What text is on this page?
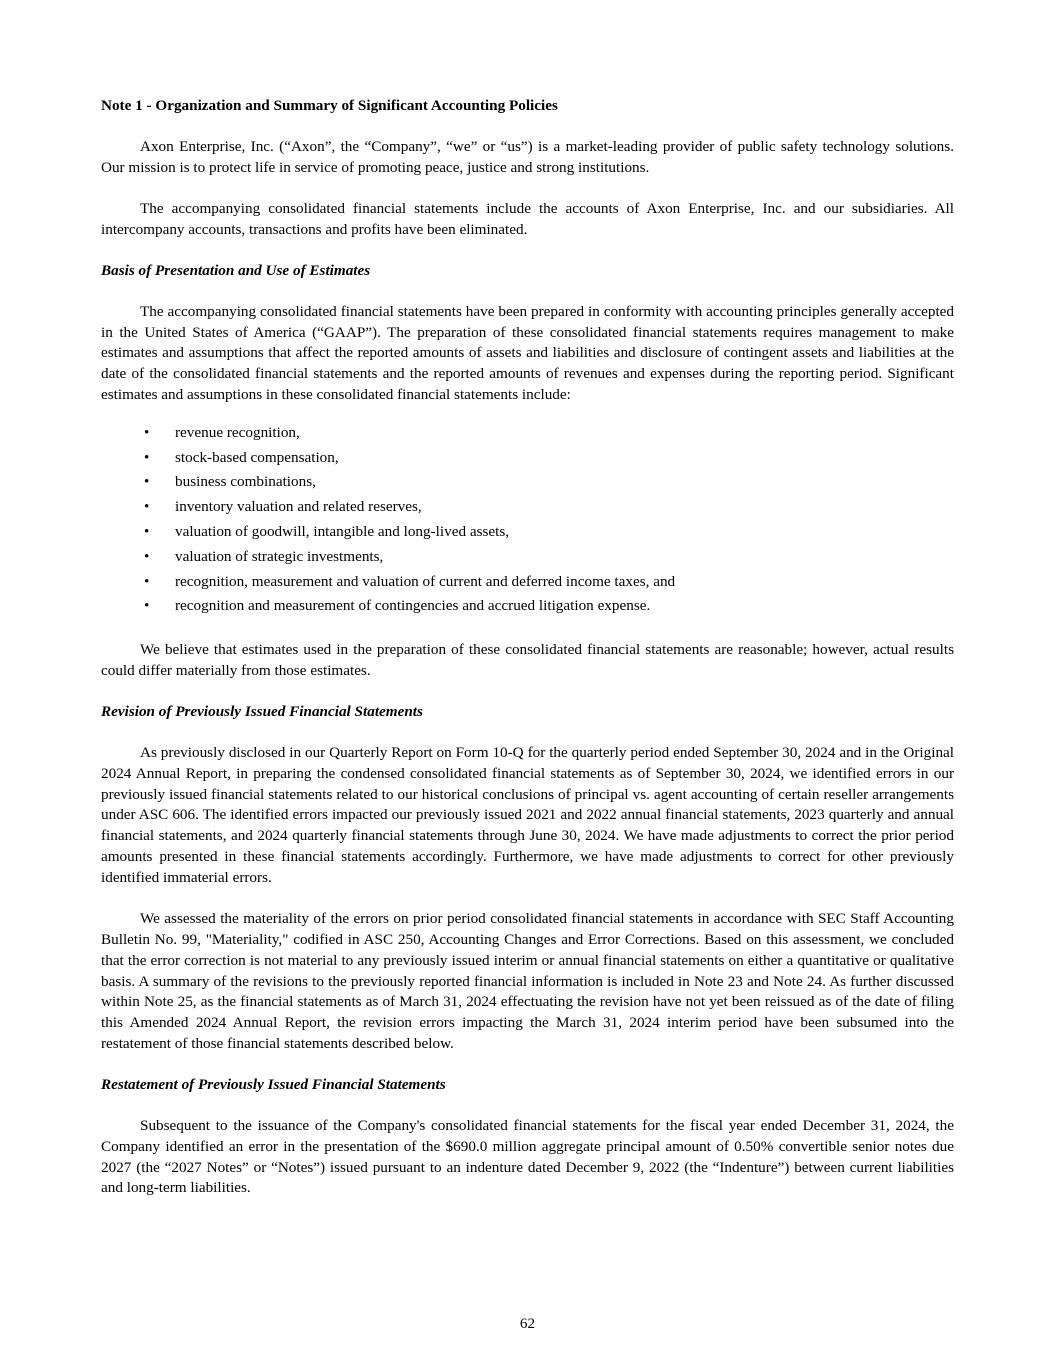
Note 1 - Organization and Summary of Significant Accounting Policies

Axon Enterprise, Inc. (“Axon”, the “Company”, “we” or “us”) is a market-leading provider of public safety technology solutions. Our mission is to protect life in service of promoting peace, justice and strong institutions.

The accompanying consolidated financial statements include the accounts of Axon Enterprise, Inc. and our subsidiaries. All intercompany accounts, transactions and profits have been eliminated.

Basis of Presentation and Use of Estimates

The accompanying consolidated financial statements have been prepared in conformity with accounting principles generally accepted in the United States of America (“GAAP”). The preparation of these consolidated financial statements requires management to make estimates and assumptions that affect the reported amounts of assets and liabilities and disclosure of contingent assets and liabilities at the date of the consolidated financial statements and the reported amounts of revenues and expenses during the reporting period. Significant estimates and assumptions in these consolidated financial statements include:

• revenue recognition,
• stock-based compensation,
• business combinations,
• inventory valuation and related reserves,
• valuation of goodwill, intangible and long-lived assets,
• valuation of strategic investments,
• recognition, measurement and valuation of current and deferred income taxes, and
• recognition and measurement of contingencies and accrued litigation expense.

We believe that estimates used in the preparation of these consolidated financial statements are reasonable; however, actual results could differ materially from those estimates.

Revision of Previously Issued Financial Statements

As previously disclosed in our Quarterly Report on Form 10-Q for the quarterly period ended September 30, 2024 and in the Original 2024 Annual Report, in preparing the condensed consolidated financial statements as of September 30, 2024, we identified errors in our previously issued financial statements related to our historical conclusions of principal vs. agent accounting of certain reseller arrangements under ASC 606. The identified errors impacted our previously issued 2021 and 2022 annual financial statements, 2023 quarterly and annual financial statements, and 2024 quarterly financial statements through June 30, 2024. We have made adjustments to correct the prior period amounts presented in these financial statements accordingly. Furthermore, we have made adjustments to correct for other previously identified immaterial errors.

We assessed the materiality of the errors on prior period consolidated financial statements in accordance with SEC Staff Accounting Bulletin No. 99, "Materiality," codified in ASC 250, Accounting Changes and Error Corrections. Based on this assessment, we concluded that the error correction is not material to any previously issued interim or annual financial statements on either a quantitative or qualitative basis. A summary of the revisions to the previously reported financial information is included in Note 23 and Note 24. As further discussed within Note 25, as the financial statements as of March 31, 2024 effectuating the revision have not yet been reissued as of the date of filing this Amended 2024 Annual Report, the revision errors impacting the March 31, 2024 interim period have been subsumed into the restatement of those financial statements described below.

Restatement of Previously Issued Financial Statements

Subsequent to the issuance of the Company's consolidated financial statements for the fiscal year ended December 31, 2024, the Company identified an error in the presentation of the $690.0 million aggregate principal amount of 0.50% convertible senior notes due 2027 (the “2027 Notes” or “Notes”) issued pursuant to an indenture dated December 9, 2022 (the “Indenture”) between current liabilities and long-term liabilities.

62
